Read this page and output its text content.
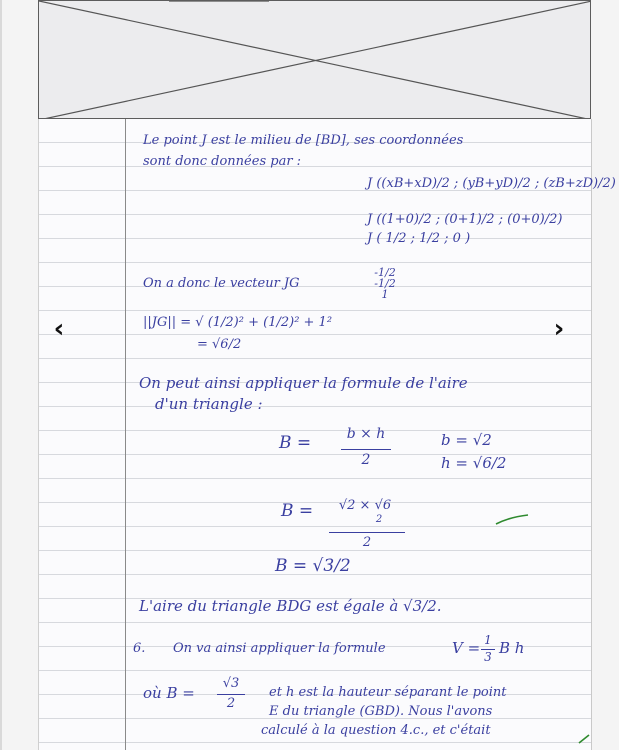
Le point J est le milieu de [BD], ses coordonnées
sont donc données par :
J ((xB+xD)/2 ; (yB+yD)/2 ; (zB+zD)/2)
J ((1+0)/2 ; (0+1)/2 ; (0+0)/2)
J ( 1/2 ; 1/2 ; 0 )
On a donc le vecteur JG
-1/2
-1/2
1
||JG|| = √ (1/2)² + (1/2)² + 1²
= √6/2
On peut ainsi appliquer la formule de l'aire
d'un triangle :
B =	b × h
2
b = √2
h = √6/2
B = √2 × √6
2
2
B = √3/2
L'aire du triangle BDG est égale à √3/2.
6. On va ainsi appliquer la formule	V = 1
3 B h
où B =
√3
2
et h est la hauteur séparant le point
E du triangle (GBD). Nous l'avons
calculé à la question 4.c., et c'était
‹	›
